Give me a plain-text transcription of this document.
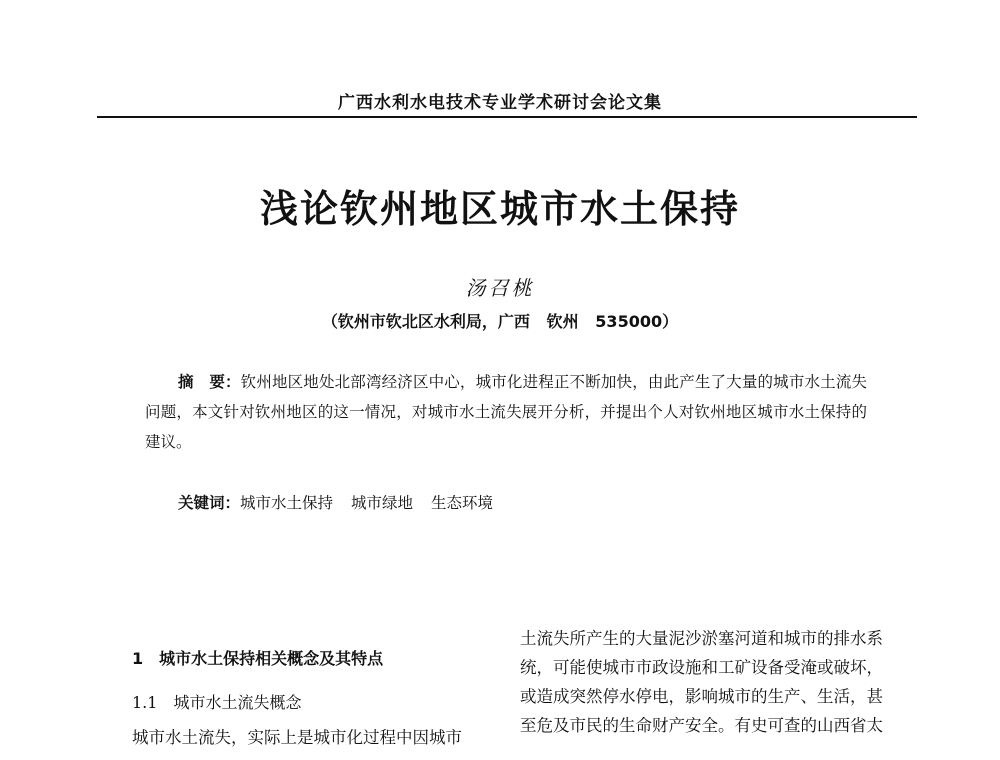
广西水利水电技术专业学术研讨会论文集
浅论钦州地区城市水土保持
汤召桃
（钦州市钦北区水利局，广西   钦州   535000）
摘　要：钦州地区地处北部湾经济区中心，城市化进程正不断加快，由此产生了大量的城市水土流失问题，本文针对钦州地区的这一情况，对城市水土流失展开分析，并提出个人对钦州地区城市水土保持的建议。
关键词：城市水土保持 城市绿地 生态环境
1　城市水土保持相关概念及其特点
1.1　城市水土流失概念
城市水土流失，实际上是城市化过程中因城市
土流失所产生的大量泥沙淤塞河道和城市的排水系
统，可能使城市市政设施和工矿设备受淹或破坏，
或造成突然停水停电，影响城市的生产、生活，甚
至危及市民的生命财产安全。有史可查的山西省太
